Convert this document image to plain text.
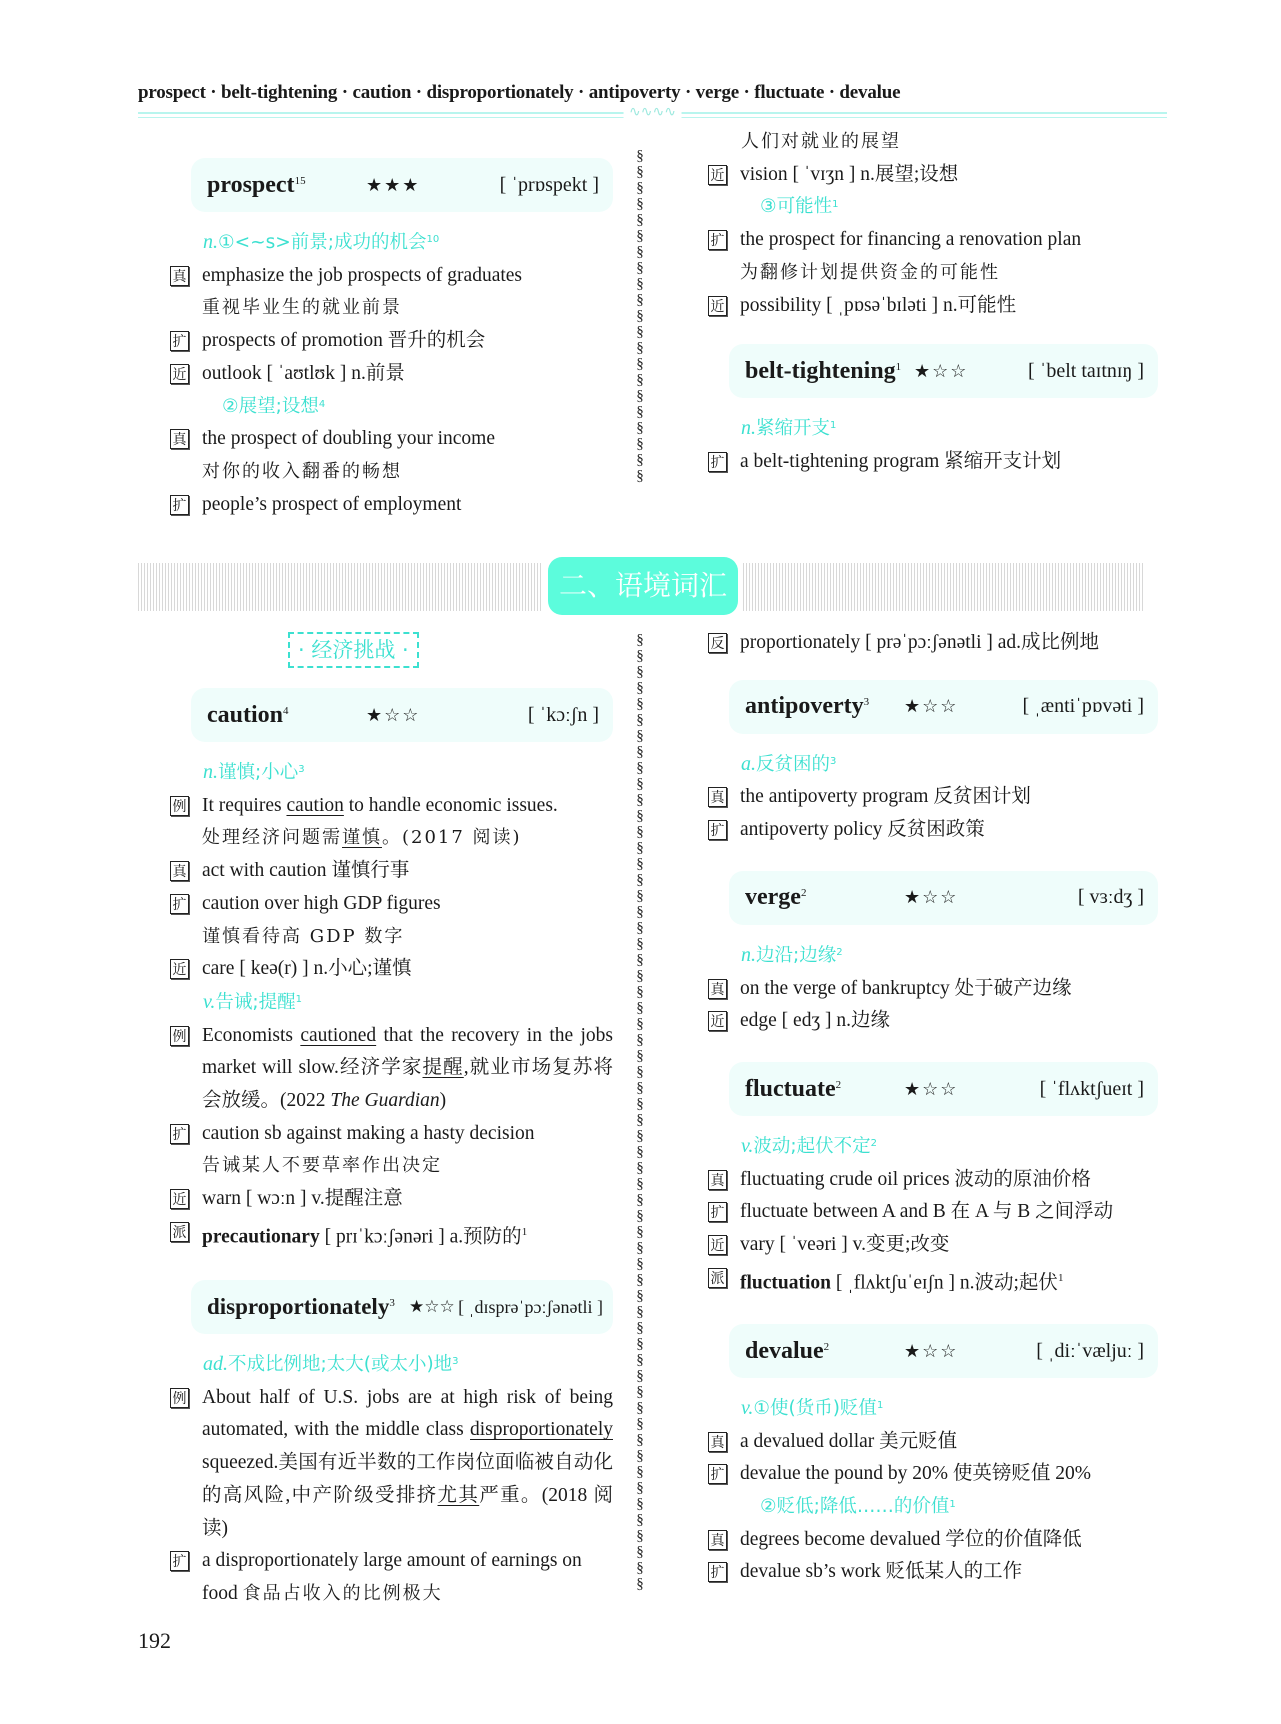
prospect · belt-tightening · caution · disproportionately · antipoverty · verge · fluctuate · devalue
∿∿∿∿
§
§
§
§
§
§
§
§
§
§
§
§
§
§
§
§
§
§
§
§
§
§
§
§
§
§
§
§
§
§
§
§
§
§
§
§
§
§
§
§
§
§
§
§
§
§
§
§
§
§
§
§
§
§
§
§
§
§
§
§
§
§
§
§
§
§
§
§
§
§
§
§
§
§
§
§
§
§
§
§
§
prospect$^{15}$	★★★	[ ˈprɒspekt ]
n.①<~s>前景;成功的机会$^{10}$
真 emphasize the job prospects of graduates
重视毕业生的就业前景
扩 prospects of promotion 晋升的机会
近 outlook [ ˈaʊtlʊk ] n.前景
②展望;设想$^4$
真 the prospect of doubling your income
对你的收入翻番的畅想
扩 people’s prospect of employment
人们对就业的展望
近 vision [ ˈvɪʒn ] n.展望;设想
③可能性$^1$
扩 the prospect for financing a renovation plan
为翻修计划提供资金的可能性
近 possibility [ ˌpɒsəˈbɪləti ] n.可能性
belt-tightening$^1$ ★☆☆	[ ˈbelt taɪtnɪŋ ]
n.紧缩开支$^1$
扩 a belt-tightening program 紧缩开支计划
二、语境词汇
· 经济挑战 ·
caution$^4$	★☆☆	[ ˈkɔːʃn ]
n.谨慎;小心$^3$
例 It requires caution to handle economic issues.
处理经济问题需谨慎。(2017 阅读)
真 act with caution 谨慎行事
扩 caution over high GDP figures
谨慎看待高 GDP 数字
近 care [ keə(r) ] n.小心;谨慎
v.告诫;提醒$^1$
例 Economists cautioned that the recovery in the jobs market will slow.经济学家提醒,就业市场复苏将会放缓。(2022 The Guardian)
扩 caution sb against making a hasty decision
告诫某人不要草率作出决定
近 warn [ wɔːn ] v.提醒注意
派 precautionary [ prɪˈkɔːʃənəri ] a.预防的$^1$
disproportionately$^3$ ★☆☆ [ ˌdɪsprəˈpɔːʃənətli ]
ad.不成比例地;太大(或太小)地$^3$
例 About half of U.S. jobs are at high risk of being automated, with the middle class disproportionately squeezed.美国有近半数的工作岗位面临被自动化的高风险,中产阶级受排挤尤其严重。(2018 阅读)
扩 a disproportionately large amount of earnings on food 食品占收入的比例极大
反 proportionately [ prəˈpɔːʃənətli ] ad.成比例地
antipoverty$^3$ ★☆☆	[ ˌæntiˈpɒvəti ]
a.反贫困的$^3$
真 the antipoverty program 反贫困计划
扩 antipoverty policy 反贫困政策
verge$^2$	★☆☆	[ vɜːdʒ ]
n.边沿;边缘$^2$
真 on the verge of bankruptcy 处于破产边缘
近 edge [ edʒ ] n.边缘
fluctuate$^2$	★☆☆	[ ˈflʌktʃueɪt ]
v.波动;起伏不定$^2$
真 fluctuating crude oil prices 波动的原油价格
扩 fluctuate between A and B 在 A 与 B 之间浮动
近 vary [ ˈveəri ] v.变更;改变
派 fluctuation [ ˌflʌktʃuˈeɪʃn ] n.波动;起伏$^1$
devalue$^2$	★☆☆	[ ˌdiːˈvæljuː ]
v.①使(货币)贬值$^1$
真 a devalued dollar 美元贬值
扩 devalue the pound by 20% 使英镑贬值 20%
②贬低;降低……的价值$^1$
真 degrees become devalued 学位的价值降低
扩 devalue sb’s work 贬低某人的工作
192
